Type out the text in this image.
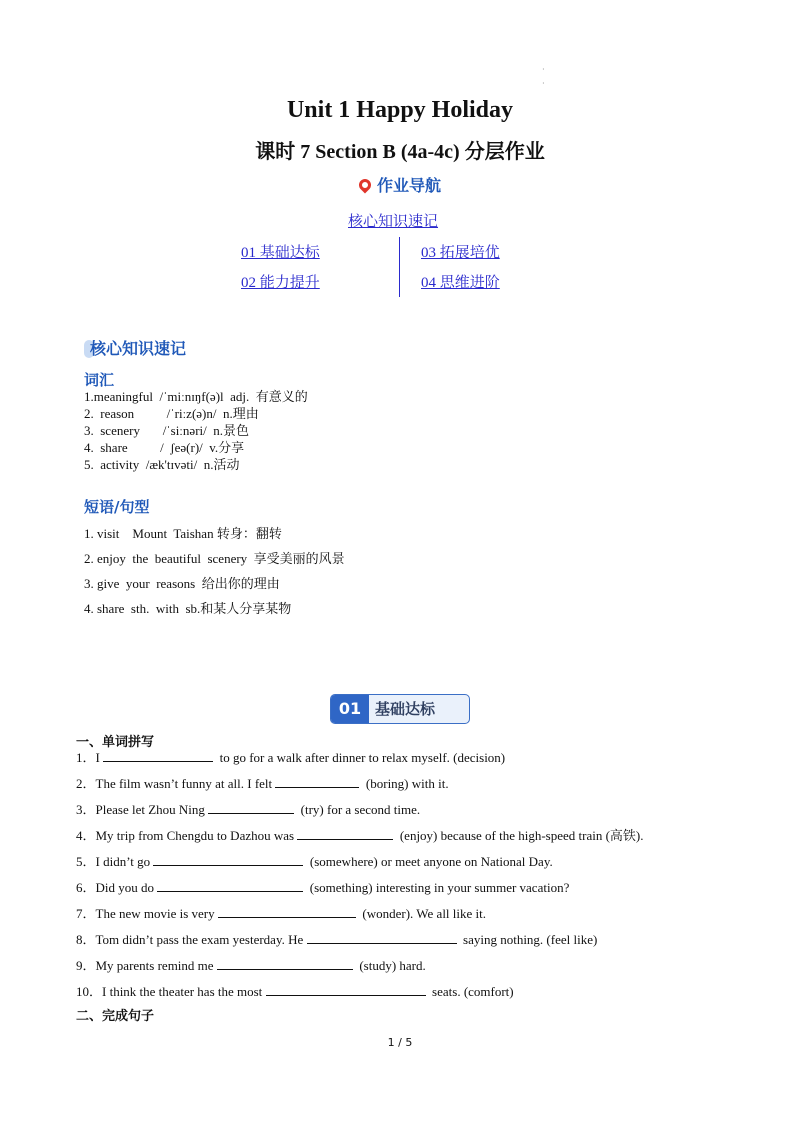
·
·
Unit 1 Happy Holiday
课时 7 Section B (4a-4c) 分层作业
作业导航
核心知识速记
01 基础达标	03 拓展培优
02 能力提升	04 思维进阶
核心知识速记
词汇
1.meaningful  /ˈmiːnɪŋf(ə)l  adj.  有意义的
2.  reason          /ˈriːz(ə)n/  n.理由
3.  scenery       /ˈsiːnəri/  n.景色
4.  share          /  ʃeə(r)/  v.分享
5.  activity  /æk'tɪvəti/  n.活动
短语/句型
1. visit    Mount  Taishan 转身：翻转
2. enjoy  the  beautiful  scenery  享受美丽的风景
3. give  your  reasons  给出你的理由
4. share  sth.  with  sb.和某人分享某物
01 基础达标
一、单词拼写
1．I	to go for a walk after dinner to relax myself. (decision)
2．The film wasn’t funny at all. I felt	(boring) with it.
3．Please let Zhou Ning	(try) for a second time.
4．My trip from Chengdu to Dazhou was	(enjoy) because of the high-speed train (高铁).
5．I didn’t go	(somewhere) or meet anyone on National Day.
6．Did you do	(something) interesting in your summer vacation?
7．The new movie is very	(wonder). We all like it.
8．Tom didn’t pass the exam yesterday. He	saying nothing. (feel like)
9．My parents remind me	(study) hard.
10．I think the theater has the most	seats. (comfort)
二、完成句子
1 / 5
